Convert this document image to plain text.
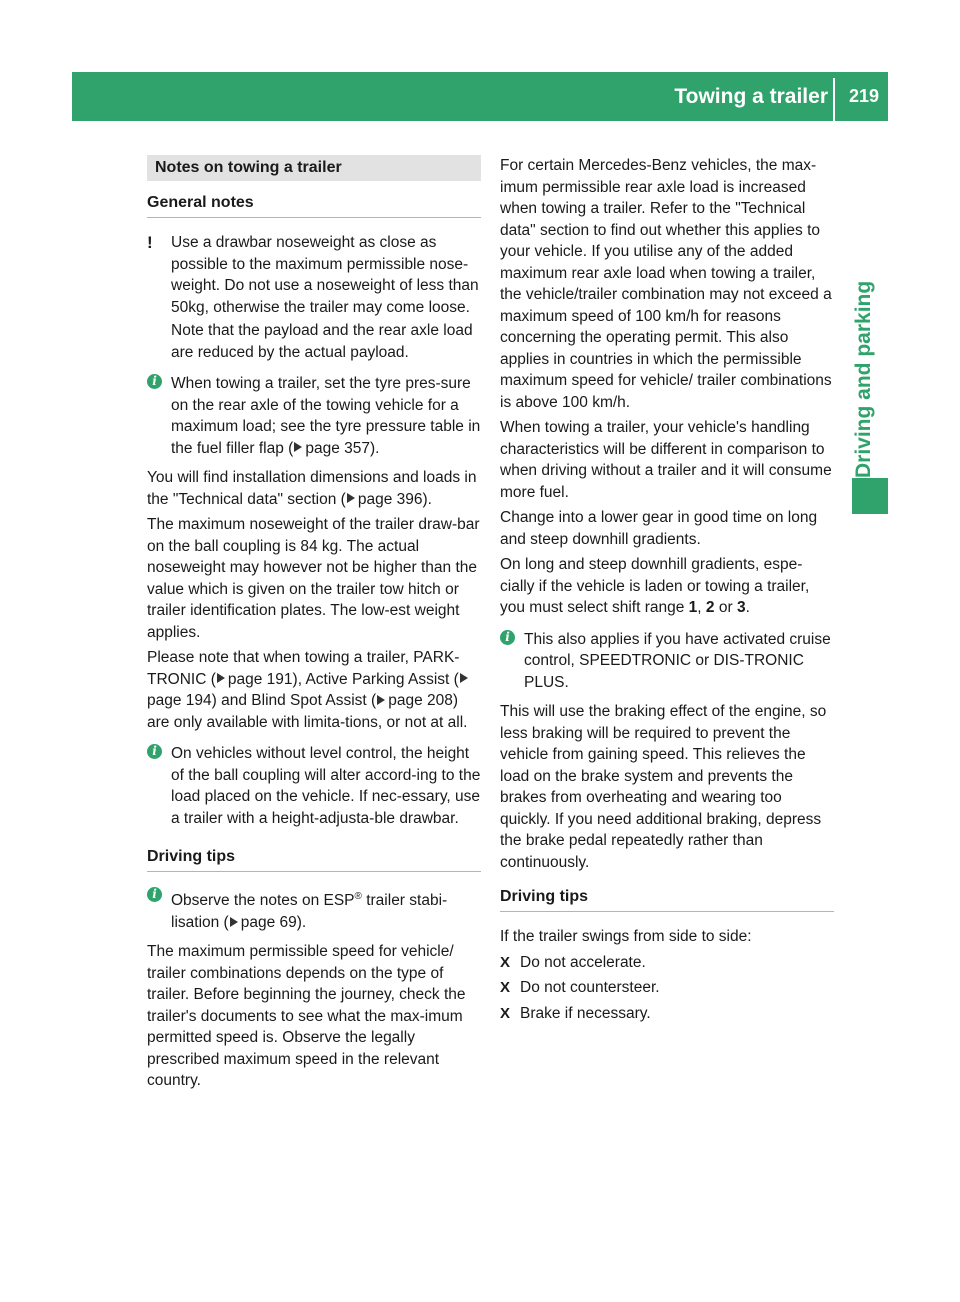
Towing a trailer	219
Driving and parking
Notes on towing a trailer
General notes
!	Use a drawbar noseweight as close as possible to the maximum permissible nose-weight. Do not use a noseweight of less than 50kg, otherwise the trailer may come loose.

Note that the payload and the rear axle load are reduced by the actual payload.

i When towing a trailer, set the tyre pres-sure on the rear axle of the towing vehicle for a maximum load; see the tyre pressure table in the fuel filler flap ( page 357).

You will find installation dimensions and loads in the "Technical data" section ( page 396).

The maximum noseweight of the trailer draw-bar on the ball coupling is 84 kg. The actual noseweight may however not be higher than the value which is given on the trailer tow hitch or trailer identification plates. The low-est weight applies.

Please note that when towing a trailer, PARK-TRONIC ( page 191), Active Parking Assist (page 194) and Blind Spot Assist ( page 208) are only available with limita-tions, or not at all.

i On vehicles without level control, the height of the ball coupling will alter accord-ing to the load placed on the vehicle. If nec-essary, use a trailer with a height-adjusta-ble drawbar.

Driving tips
i Observe the notes on ESP® trailer stabi-lisation ( page 69).

The maximum permissible speed for vehicle/ trailer combinations depends on the type of trailer. Before beginning the journey, check the trailer's documents to see what the max-imum permitted speed is. Observe the legally prescribed maximum speed in the relevant country.

For certain Mercedes-Benz vehicles, the max-imum permissible rear axle load is increased when towing a trailer. Refer to the "Technical data" section to find out whether this applies to your vehicle. If you utilise any of the added maximum rear axle load when towing a trailer, the vehicle/trailer combination may not exceed a maximum speed of 100 km/h for reasons concerning the operating permit. This also applies in countries in which the permissible maximum speed for vehicle/ trailer combinations is above 100 km/h.

When towing a trailer, your vehicle's handling characteristics will be different in comparison to when driving without a trailer and it will consume more fuel.

Change into a lower gear in good time on long and steep downhill gradients.

On long and steep downhill gradients, espe-cially if the vehicle is laden or towing a trailer, you must select shift range 1, 2 or 3.

i This also applies if you have activated cruise control, SPEEDTRONIC or DIS-TRONIC PLUS.

This will use the braking effect of the engine, so less braking will be required to prevent the vehicle from gaining speed. This relieves the load on the brake system and prevents the brakes from overheating and wearing too quickly. If you need additional braking, depress the brake pedal repeatedly rather than continuously.

Driving tips

If the trailer swings from side to side:

X Do not accelerate.
X Do not countersteer.
X Brake if necessary.
